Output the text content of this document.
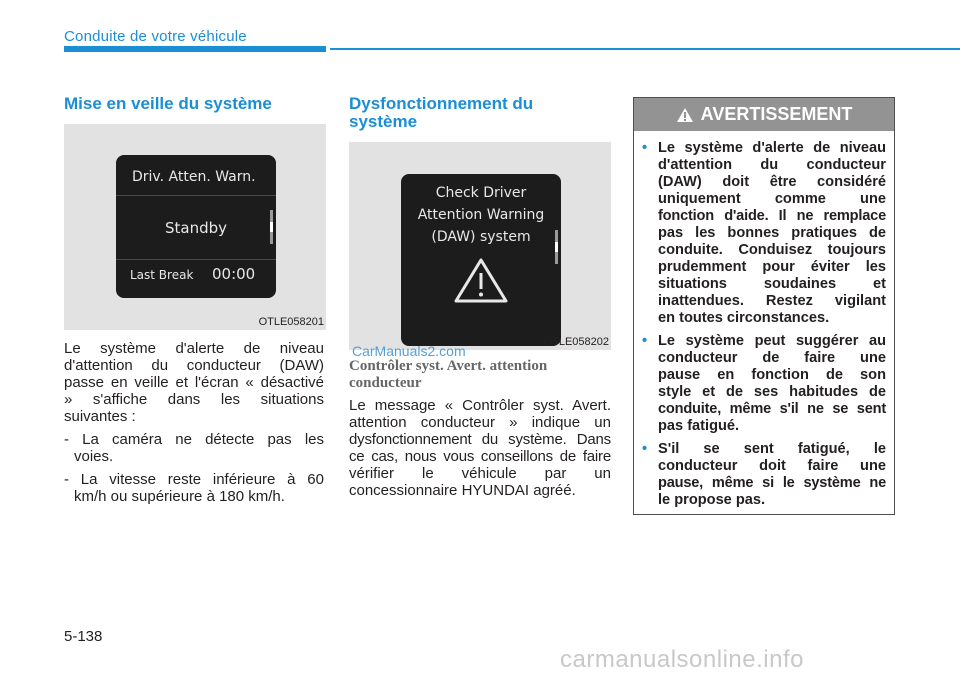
Conduite de votre véhicule
Mise en veille du système
Driv. Atten. Warn.
Standby
Last Break 00:00
OTLE058201
Le système d'alerte de niveau
d'attention du conducteur (DAW)
passe en veille et l'écran « désactivé
» s'affiche dans les situations
suivantes :
- La caméra ne détecte pas les
voies.
- La vitesse reste inférieure à 60
km/h ou supérieure à 180 km/h.
Dysfonctionnement du
système
Check Driver
Attention Warning
(DAW) system
OTLE058202
CarManuals2.com
Contrôler syst. Avert. attention
conducteur
Le message « Contrôler syst. Avert.
attention conducteur » indique un
dysfonctionnement du système. Dans
ce cas, nous vous conseillons de faire
vérifier le véhicule par un
concessionnaire HYUNDAI agréé.
AVERTISSEMENT
• Le système d'alerte de niveau
d'attention du conducteur
(DAW) doit être considéré
uniquement comme une
fonction d'aide. Il ne remplace
pas les bonnes pratiques de
conduite. Conduisez toujours
prudemment pour éviter les
situations soudaines et
inattendues. Restez vigilant
en toutes circonstances.
• Le système peut suggérer au
conducteur de faire une
pause en fonction de son
style et de ses habitudes de
conduite, même s'il ne se sent
pas fatigué.
• S'il se sent fatigué, le
conducteur doit faire une
pause, même si le système ne
le propose pas.
5-138
carmanualsonline.info
